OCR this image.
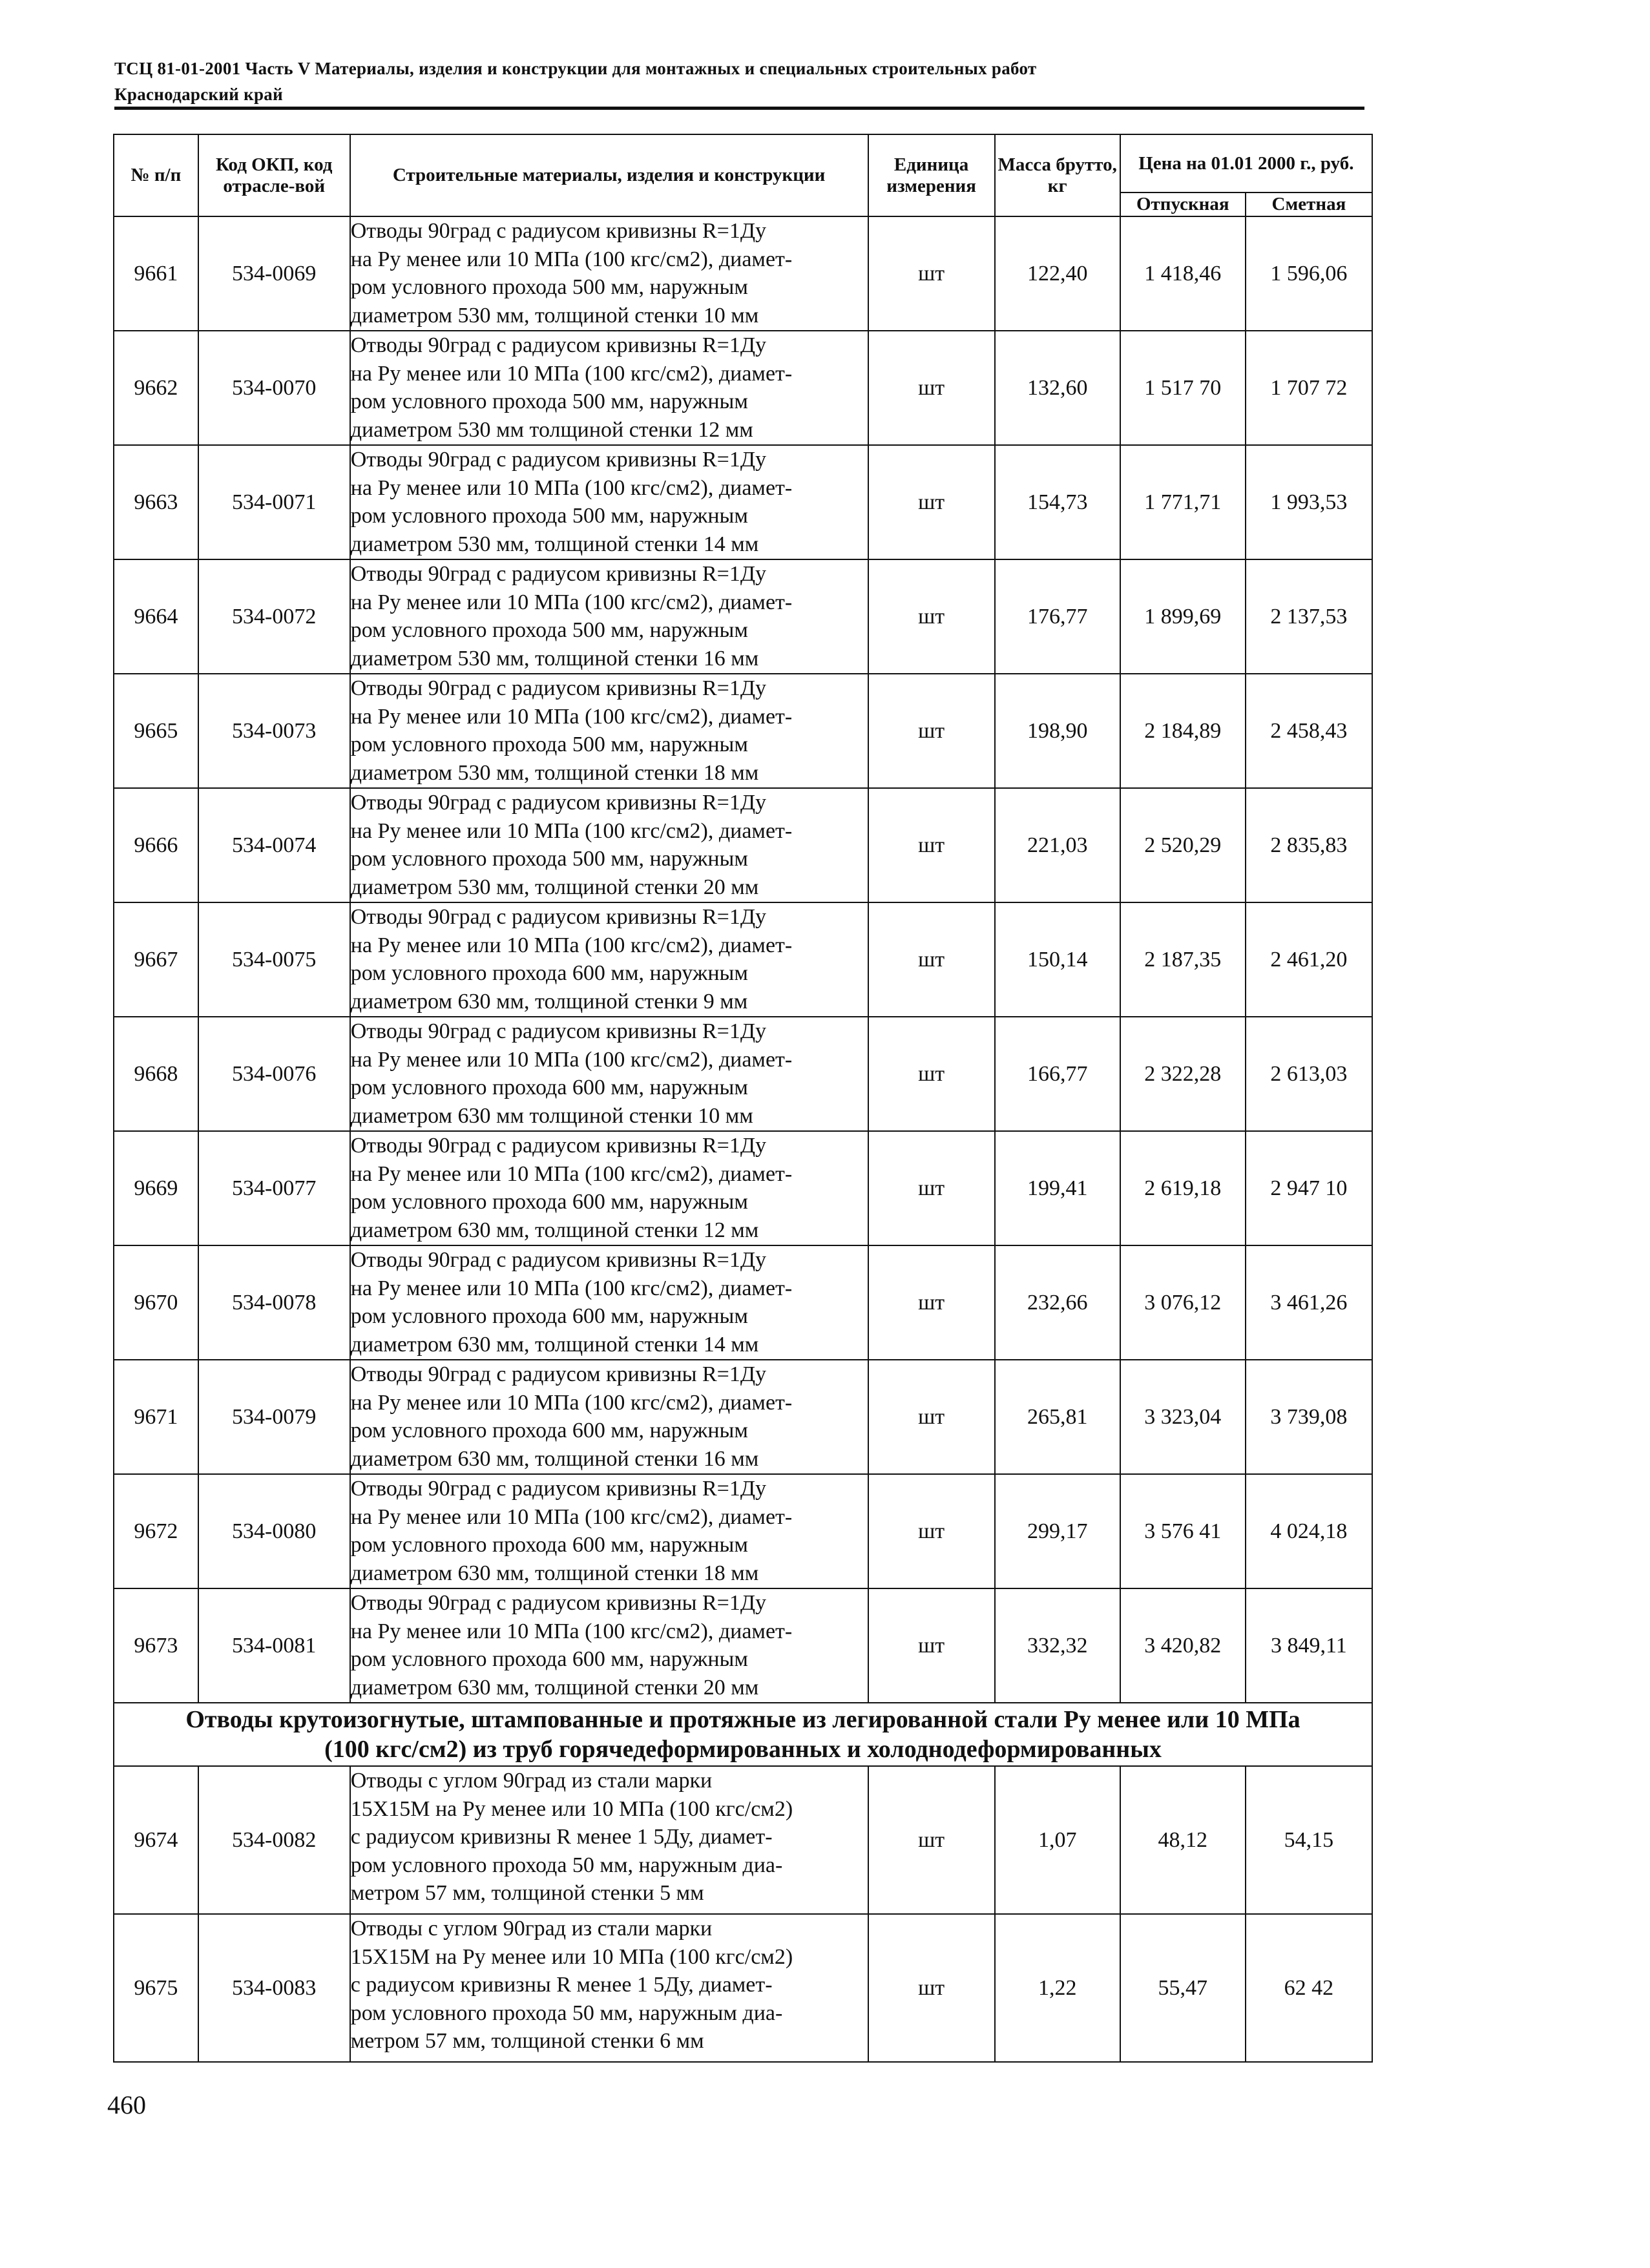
ТСЦ 81-01-2001 Часть V Материалы, изделия и конструкции для монтажных и специальных строительных работ
Краснодарский край
№ п/п	Код ОКП, код отрасле-вой	Строительные материалы, изделия и конструкции	Единица измерения	Масса брутто, кг	Цена на 01.01 2000 г., руб.	
					Отпускная	Сметная
9661	534-0069	Отводы 90град с радиусом кривизны R=1Ду
на Ру менее или 10 МПа (100 кгс/см2), диамет-
ром условного прохода 500 мм, наружным
диаметром 530 мм, толщиной стенки 10 мм	шт	122,40	1 418,46	1 596,06
9662	534-0070	Отводы 90град с радиусом кривизны R=1Ду
на Ру менее или 10 МПа (100 кгс/см2), диамет-
ром условного прохода 500 мм, наружным
диаметром 530 мм толщиной стенки 12 мм	шт	132,60	1 517 70	1 707 72
9663	534-0071	Отводы 90град с радиусом кривизны R=1Ду
на Ру менее или 10 МПа (100 кгс/см2), диамет-
ром условного прохода 500 мм, наружным
диаметром 530 мм, толщиной стенки 14 мм	шт	154,73	1 771,71	1 993,53
9664	534-0072	Отводы 90град с радиусом кривизны R=1Ду
на Ру менее или 10 МПа (100 кгс/см2), диамет-
ром условного прохода 500 мм, наружным
диаметром 530 мм, толщиной стенки 16 мм	шт	176,77	1 899,69	2 137,53
9665	534-0073	Отводы 90град с радиусом кривизны R=1Ду
на Ру менее или 10 МПа (100 кгс/см2), диамет-
ром условного прохода 500 мм, наружным
диаметром 530 мм, толщиной стенки 18 мм	шт	198,90	2 184,89	2 458,43
9666	534-0074	Отводы 90град с радиусом кривизны R=1Ду
на Ру менее или 10 МПа (100 кгс/см2), диамет-
ром условного прохода 500 мм, наружным
диаметром 530 мм, толщиной стенки 20 мм	шт	221,03	2 520,29	2 835,83
9667	534-0075	Отводы 90град с радиусом кривизны R=1Ду
на Ру менее или 10 МПа (100 кгс/см2), диамет-
ром условного прохода 600 мм, наружным
диаметром 630 мм, толщиной стенки 9 мм	шт	150,14	2 187,35	2 461,20
9668	534-0076	Отводы 90град с радиусом кривизны R=1Ду
на Ру менее или 10 МПа (100 кгс/см2), диамет-
ром условного прохода 600 мм, наружным
диаметром 630 мм толщиной стенки 10 мм	шт	166,77	2 322,28	2 613,03
9669	534-0077	Отводы 90град с радиусом кривизны R=1Ду
на Ру менее или 10 МПа (100 кгс/см2), диамет-
ром условного прохода 600 мм, наружным
диаметром 630 мм, толщиной стенки 12 мм	шт	199,41	2 619,18	2 947 10
9670	534-0078	Отводы 90град с радиусом кривизны R=1Ду
на Ру менее или 10 МПа (100 кгс/см2), диамет-
ром условного прохода 600 мм, наружным
диаметром 630 мм, толщиной стенки 14 мм	шт	232,66	3 076,12	3 461,26
9671	534-0079	Отводы 90град с радиусом кривизны R=1Ду
на Ру менее или 10 МПа (100 кгс/см2), диамет-
ром условного прохода 600 мм, наружным
диаметром 630 мм, толщиной стенки 16 мм	шт	265,81	3 323,04	3 739,08
9672	534-0080	Отводы 90град с радиусом кривизны R=1Ду
на Ру менее или 10 МПа (100 кгс/см2), диамет-
ром условного прохода 600 мм, наружным
диаметром 630 мм, толщиной стенки 18 мм	шт	299,17	3 576 41	4 024,18
9673	534-0081	Отводы 90град с радиусом кривизны R=1Ду
на Ру менее или 10 МПа (100 кгс/см2), диамет-
ром условного прохода 600 мм, наружным
диаметром 630 мм, толщиной стенки 20 мм	шт	332,32	3 420,82	3 849,11

Отводы крутоизогнутые, штампованные и протяжные из легированной стали Ру менее или 10 МПа
(100 кгс/см2) из труб горячедеформированных и холоднодеформированных						

9674	534-0082	Отводы с углом 90град из стали марки
15Х15М на Ру менее или 10 МПа (100 кгс/см2)
с радиусом кривизны R менее 1 5Ду, диамет-
ром условного прохода 50 мм, наружным диа-
метром 57 мм, толщиной стенки 5 мм	шт	1,07	48,12	54,15
9675	534-0083	Отводы с углом 90град из стали марки
15Х15М на Ру менее или 10 МПа (100 кгс/см2)
с радиусом кривизны R менее 1 5Ду, диамет-
ром условного прохода 50 мм, наружным диа-
метром 57 мм, толщиной стенки 6 мм	шт	1,22	55,47	62 42
460
